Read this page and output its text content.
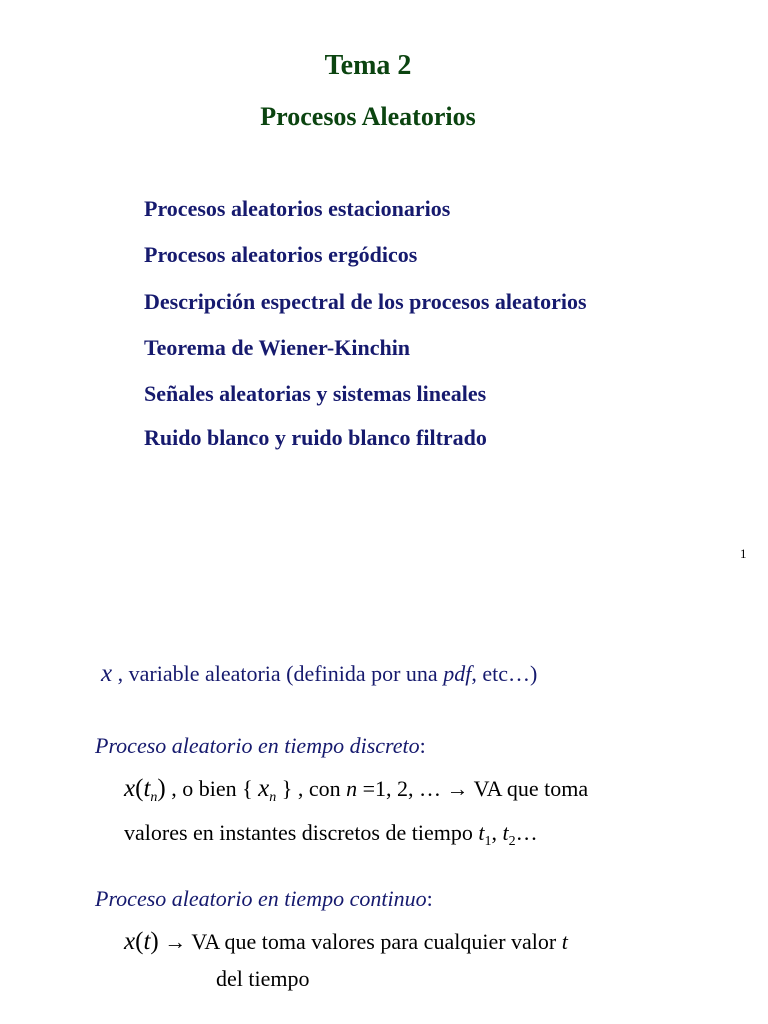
Tema 2
Procesos Aleatorios
Procesos aleatorios estacionarios
Procesos aleatorios ergódicos
Descripción espectral de los procesos aleatorios
Teorema de Wiener-Kinchin
Señales aleatorias y sistemas lineales
Ruido blanco y ruido blanco filtrado
1
x , variable aleatoria (definida por una pdf, etc…)
Proceso aleatorio en tiempo discreto:
$x(t_n)$ , o bien { $x_n$ } , con n =1, 2, … → VA que toma
valores en instantes discretos de tiempo $t_1$, $t_2\dots$
Proceso aleatorio en tiempo continuo:
x(t) → VA que toma valores para cualquier valor t
del tiempo
